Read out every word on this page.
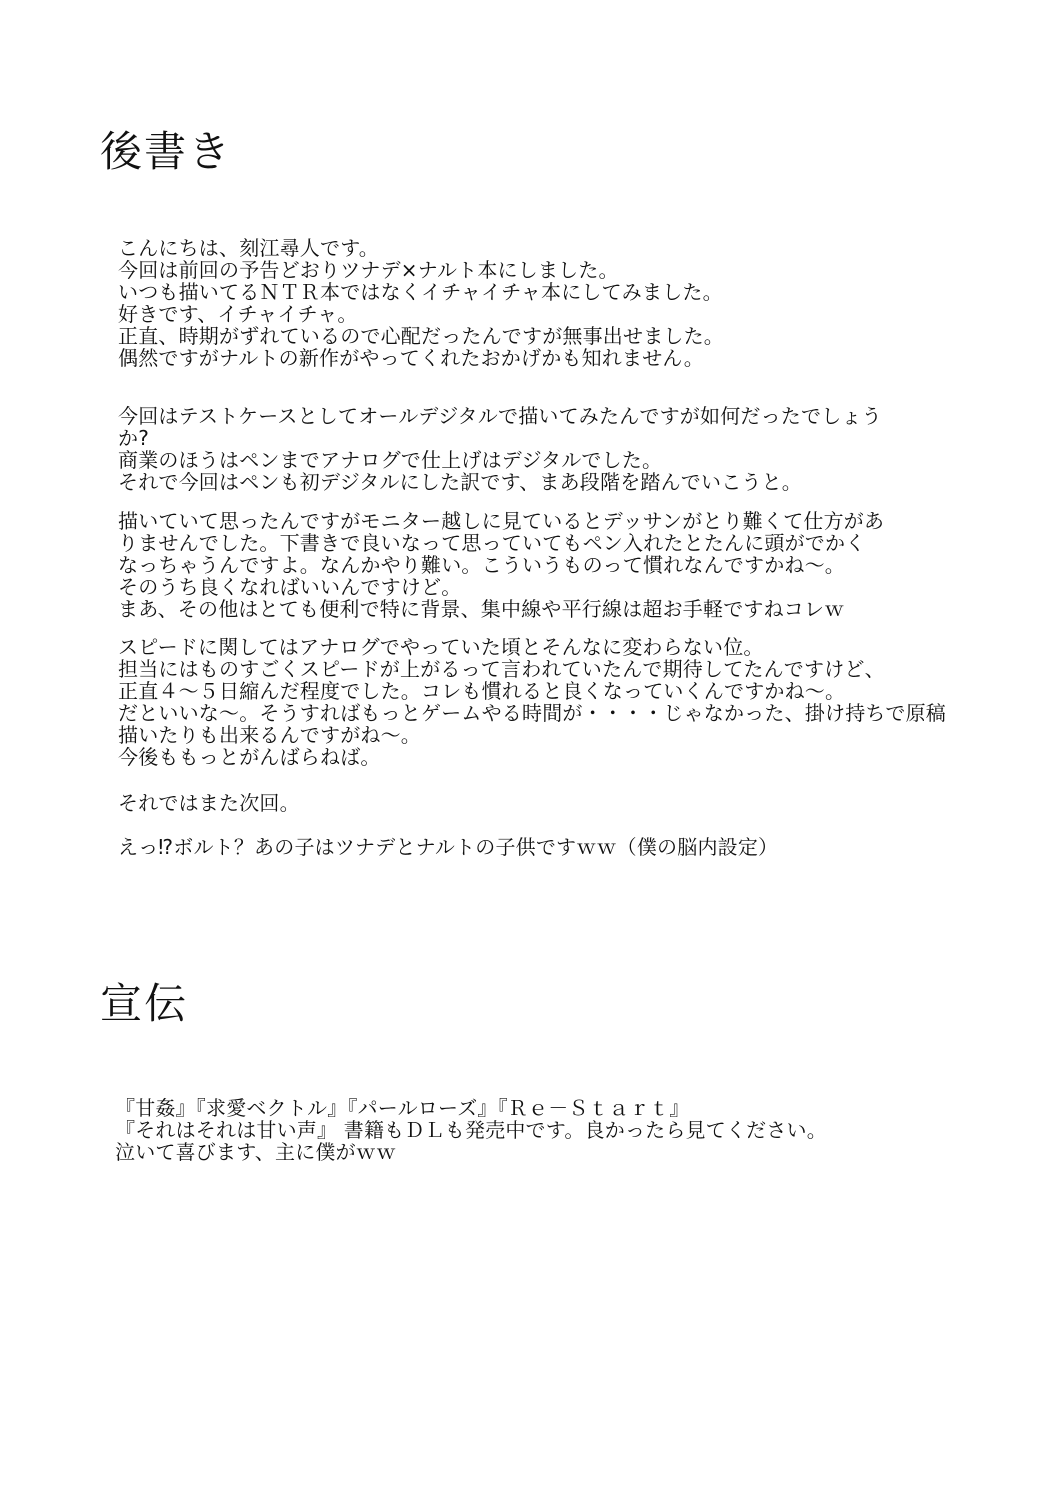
後書き
こんにちは、刻江尋人です。
今回は前回の予告どおりツナデ×ナルト本にしました。
いつも描いてるＮＴＲ本ではなくイチャイチャ本にしてみました。
好きです、イチャイチャ。
正直、時期がずれているので心配だったんですが無事出せました。
偶然ですがナルトの新作がやってくれたおかげかも知れません。
今回はテストケースとしてオールデジタルで描いてみたんですが如何だったでしょう
か?
商業のほうはペンまでアナログで仕上げはデジタルでした。
それで今回はペンも初デジタルにした訳です、まあ段階を踏んでいこうと。
描いていて思ったんですがモニター越しに見ているとデッサンがとり難くて仕方があ
りませんでした。下書きで良いなって思っていてもペン入れたとたんに頭がでかく
なっちゃうんですよ。なんかやり難い。こういうものって慣れなんですかね～。
そのうち良くなればいいんですけど。
まあ、その他はとても便利で特に背景、集中線や平行線は超お手軽ですねコレｗ
スピードに関してはアナログでやっていた頃とそんなに変わらない位。
担当にはものすごくスピードが上がるって言われていたんで期待してたんですけど、
正直４～５日縮んだ程度でした。コレも慣れると良くなっていくんですかね～。
だといいな～。そうすればもっとゲームやる時間が・・・・じゃなかった、掛け持ちで原稿
描いたりも出来るんですがね～。
今後ももっとがんばらねば。
それではまた次回。
えっ⁉ボルト？あの子はツナデとナルトの子供ですｗｗ（僕の脳内設定）
宣伝
『甘姦』『求愛ベクトル』『パールローズ』『Ｒｅ－Ｓｔａｒｔ』
『それはそれは甘い声』 書籍もＤＬも発売中です。良かったら見てください。
泣いて喜びます、主に僕がｗｗ
